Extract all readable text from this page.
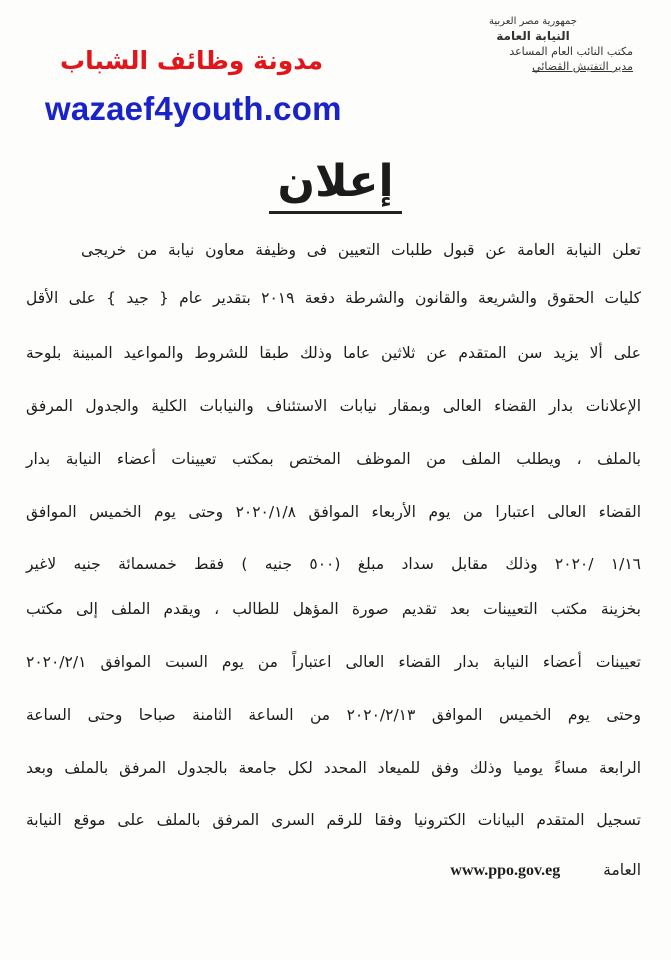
جمهورية مصر العربية
النيابة العامة
مكتب النائب العام المساعد
مدير التفتيش القضائي
مدونة وظائف الشباب
wazaef4youth.com
إعلان
تعلن النيابة العامة عن قبول طلبات التعيين فى وظيفة معاون نيابة من خريجى
كليات الحقوق والشريعة والقانون والشرطة دفعة ٢٠١٩ بتقدير عام { جيد } على الأقل
على ألا يزيد سن المتقدم عن ثلاثين عاما وذلك طبقا للشروط والمواعيد المبينة بلوحة
الإعلانات بدار القضاء العالى وبمقار نيابات الاستئناف والنيابات الكلية والجدول المرفق
بالملف ، ويطلب الملف من الموظف المختص بمكتب تعيينات أعضاء النيابة بدار
القضاء العالى اعتبارا من يوم الأربعاء الموافق ٢٠٢٠/١/٨ وحتى يوم الخميس الموافق
١/١٦ /٢٠٢٠ وذلك مقابل سداد مبلغ (٥٠٠ جنيه ) فقط خمسمائة جنيه لاغير
بخزينة مكتب التعيينات بعد تقديم صورة المؤهل للطالب ، ويقدم الملف إلى مكتب
تعيينات أعضاء النيابة بدار القضاء العالى اعتباراً من يوم السبت الموافق ٢٠٢٠/٢/١
وحتى يوم الخميس الموافق ٢٠٢٠/٢/١٣ من الساعة الثامنة صباحا وحتى الساعة
الرابعة مساءً يوميا وذلك وفق للميعاد المحدد لكل جامعة بالجدول المرفق بالملف وبعد
تسجيل المتقدم البيانات الكترونيا وفقا للرقم السرى المرفق بالملف على موقع النيابة
العامة www.ppo.gov.eg
